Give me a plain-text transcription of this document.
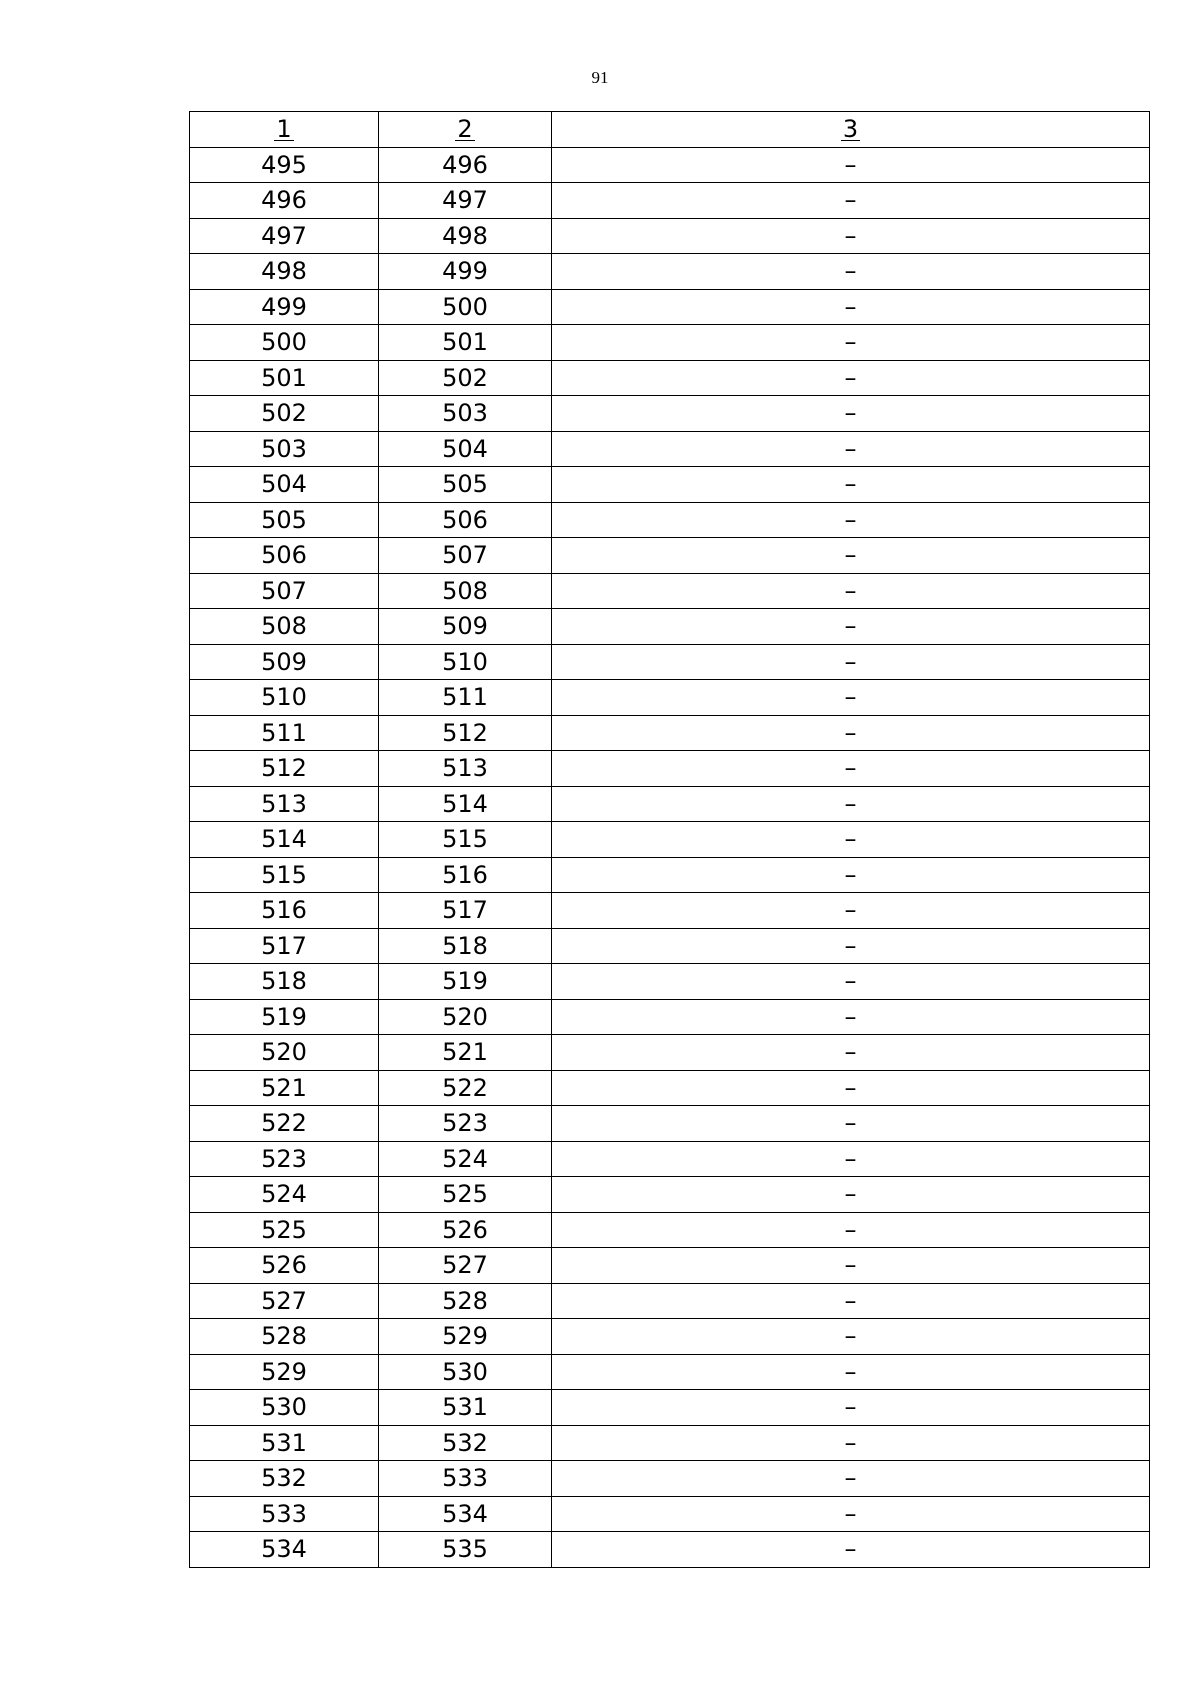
91
1	2	3
495	496	–
496	497	–
497	498	–
498	499	–
499	500	–
500	501	–
501	502	–
502	503	–
503	504	–
504	505	–
505	506	–
506	507	–
507	508	–
508	509	–
509	510	–
510	511	–
511	512	–
512	513	–
513	514	–
514	515	–
515	516	–
516	517	–
517	518	–
518	519	–
519	520	–
520	521	–
521	522	–
522	523	–
523	524	–
524	525	–
525	526	–
526	527	–
527	528	–
528	529	–
529	530	–
530	531	–
531	532	–
532	533	–
533	534	–
534	535	–
